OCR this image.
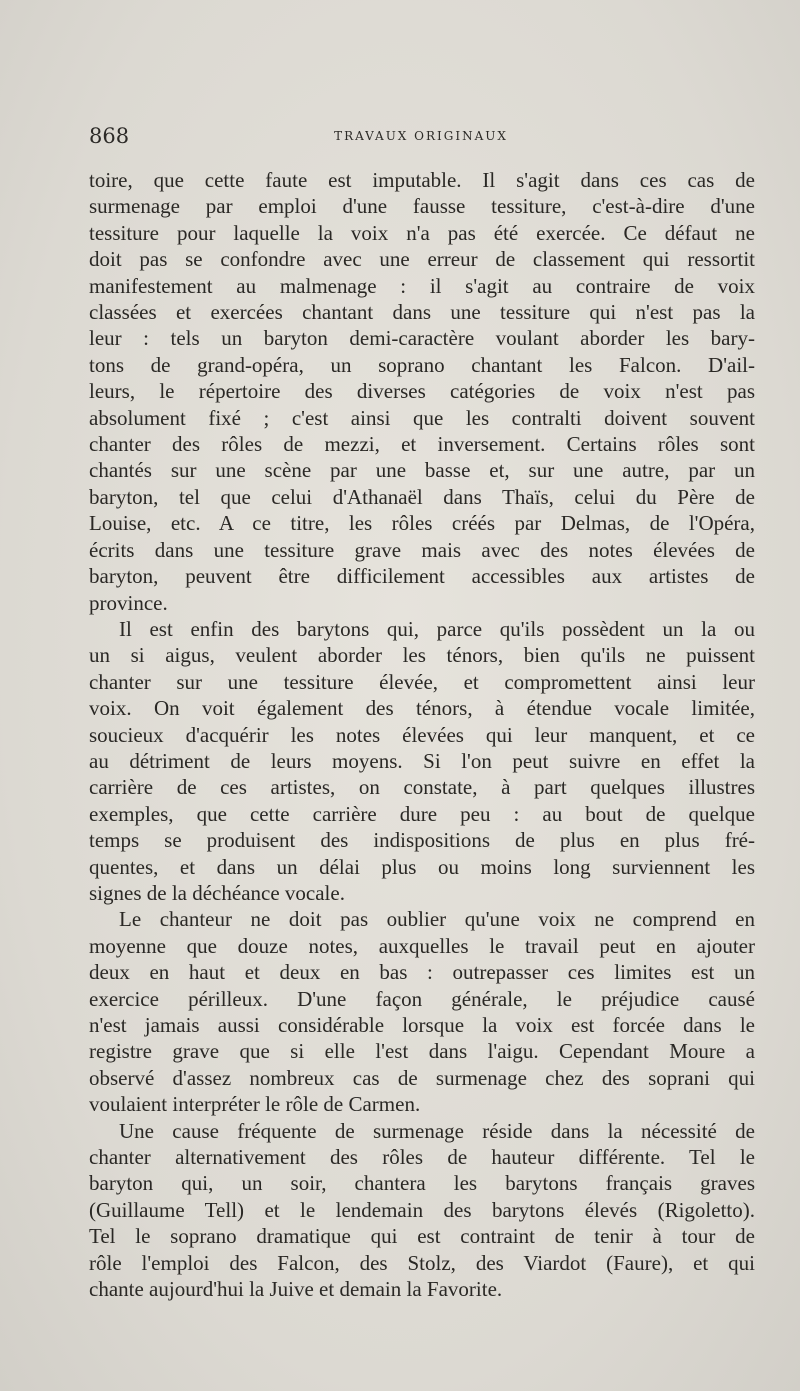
868	TRAVAUX ORIGINAUX

toire, que cette faute est imputable. Il s'agit dans ces cas de
surmenage par emploi d'une fausse tessiture, c'est-à-dire d'une
tessiture pour laquelle la voix n'a pas été exercée. Ce défaut ne
doit pas se confondre avec une erreur de classement qui ressortit
manifestement au malmenage : il s'agit au contraire de voix
classées et exercées chantant dans une tessiture qui n'est pas la
leur : tels un baryton demi-caractère voulant aborder les bary-
tons de grand-opéra, un soprano chantant les Falcon. D'ail-
leurs, le répertoire des diverses catégories de voix n'est pas
absolument fixé ; c'est ainsi que les contralti doivent souvent
chanter des rôles de mezzi, et inversement. Certains rôles sont
chantés sur une scène par une basse et, sur une autre, par un
baryton, tel que celui d'Athanaël dans Thaïs, celui du Père de
Louise, etc. A ce titre, les rôles créés par Delmas, de l'Opéra,
écrits dans une tessiture grave mais avec des notes élevées de
baryton, peuvent être difficilement accessibles aux artistes de
province.

Il est enfin des barytons qui, parce qu'ils possèdent un la ou
un si aigus, veulent aborder les ténors, bien qu'ils ne puissent
chanter sur une tessiture élevée, et compromettent ainsi leur
voix. On voit également des ténors, à étendue vocale limitée,
soucieux d'acquérir les notes élevées qui leur manquent, et ce
au détriment de leurs moyens. Si l'on peut suivre en effet la
carrière de ces artistes, on constate, à part quelques illustres
exemples, que cette carrière dure peu : au bout de quelque
temps se produisent des indispositions de plus en plus fré-
quentes, et dans un délai plus ou moins long surviennent les
signes de la déchéance vocale.

Le chanteur ne doit pas oublier qu'une voix ne comprend en
moyenne que douze notes, auxquelles le travail peut en ajouter
deux en haut et deux en bas : outrepasser ces limites est un
exercice périlleux. D'une façon générale, le préjudice causé
n'est jamais aussi considérable lorsque la voix est forcée dans le
registre grave que si elle l'est dans l'aigu. Cependant Moure a
observé d'assez nombreux cas de surmenage chez des soprani qui
voulaient interpréter le rôle de Carmen.

Une cause fréquente de surmenage réside dans la nécessité de
chanter alternativement des rôles de hauteur différente. Tel le
baryton qui, un soir, chantera les barytons français graves
(Guillaume Tell) et le lendemain des barytons élevés (Rigoletto).
Tel le soprano dramatique qui est contraint de tenir à tour de
rôle l'emploi des Falcon, des Stolz, des Viardot (Faure), et qui
chante aujourd'hui la Juive et demain la Favorite.
